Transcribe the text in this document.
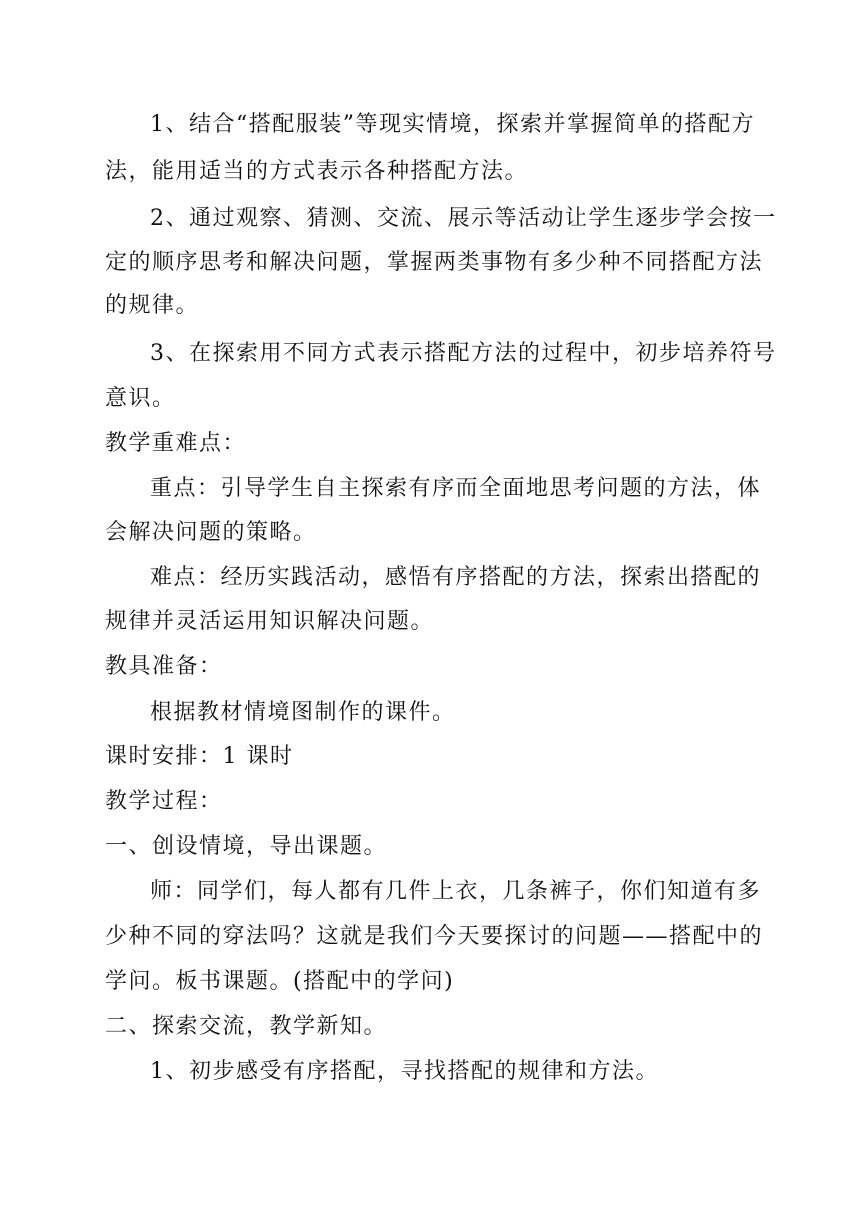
1、结合“搭配服装”等现实情境，探索并掌握简单的搭配方
法，能用适当的方式表示各种搭配方法。
2、通过观察、猜测、交流、展示等活动让学生逐步学会按一
定的顺序思考和解决问题，掌握两类事物有多少种不同搭配方法
的规律。
3、在探索用不同方式表示搭配方法的过程中，初步培养符号
意识。
教学重难点：
重点：引导学生自主探索有序而全面地思考问题的方法，体
会解决问题的策略。
难点：经历实践活动，感悟有序搭配的方法，探索出搭配的
规律并灵活运用知识解决问题。
教具准备：
根据教材情境图制作的课件。
课时安排：1 课时
教学过程：
一、创设情境，导出课题。
师：同学们，每人都有几件上衣，几条裤子，你们知道有多
少种不同的穿法吗？这就是我们今天要探讨的问题——搭配中的
学问。板书课题。(搭配中的学问)
二、探索交流，教学新知。
1、初步感受有序搭配，寻找搭配的规律和方法。
